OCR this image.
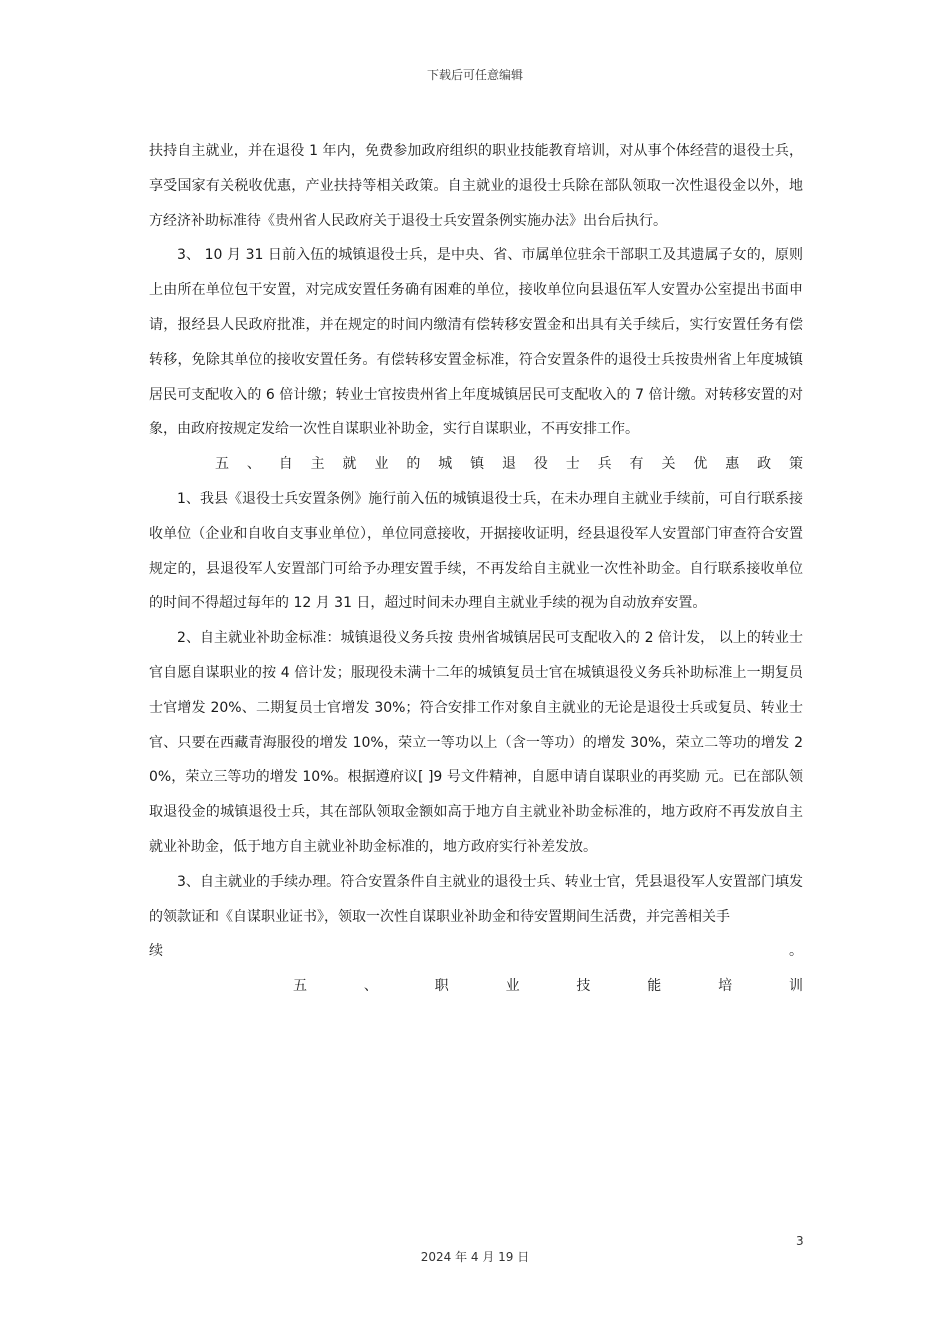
下载后可任意编辑

扶持自主就业，并在退役 1 年内，免费参加政府组织的职业技能教育培训，对从事个体经营的退役士兵，享受国家有关税收优惠，产业扶持等相关政策。自主就业的退役士兵除在部队领取一次性退役金以外，地方经济补助标准待《贵州省人民政府关于退役士兵安置条例实施办法》出台后执行。

3、 10 月 31 日前入伍的城镇退役士兵，是中央、省、市属单位驻余干部职工及其遗属子女的，原则上由所在单位包干安置，对完成安置任务确有困难的单位，接收单位向县退伍军人安置办公室提出书面申请，报经县人民政府批准，并在规定的时间内缴清有偿转移安置金和出具有关手续后，实行安置任务有偿转移，免除其单位的接收安置任务。有偿转移安置金标准，符合安置条件的退役士兵按贵州省上年度城镇居民可支配收入的 6 倍计缴；转业士官按贵州省上年度城镇居民可支配收入的 7 倍计缴。对转移安置的对象，由政府按规定发给一次性自谋职业补助金，实行自谋职业，不再安排工作。

五 、 自 主 就 业 的 城 镇 退 役 士 兵 有 关 优 惠 政 策

1、我县《退役士兵安置条例》施行前入伍的城镇退役士兵，在未办理自主就业手续前，可自行联系接收单位（企业和自收自支事业单位），单位同意接收，开据接收证明，经县退役军人安置部门审查符合安置规定的，县退役军人安置部门可给予办理安置手续，不再发给自主就业一次性补助金。自行联系接收单位的时间不得超过每年的 12 月 31 日，超过时间未办理自主就业手续的视为自动放弃安置。

2、自主就业补助金标准：城镇退役义务兵按 贵州省城镇居民可支配收入的 2 倍计发， 以上的转业士官自愿自谋职业的按 4 倍计发；服现役未满十二年的城镇复员士官在城镇退役义务兵补助标准上一期复员士官增发 20%、二期复员士官增发 30%；符合安排工作对象自主就业的无论是退役士兵或复员、转业士官、只要在西藏青海服役的增发 10%，荣立一等功以上（含一等功）的增发 30%，荣立二等功的增发 20%，荣立三等功的增发 10%。根据遵府议[ ]9 号文件精神，自愿申请自谋职业的再奖励 元。已在部队领取退役金的城镇退役士兵，其在部队领取金额如高于地方自主就业补助金标准的，地方政府不再发放自主就业补助金，低于地方自主就业补助金标准的，地方政府实行补差发放。

3、自主就业的手续办理。符合安置条件自主就业的退役士兵、转业士官，凭县退役军人安置部门填发的领款证和《自谋职业证书》，领取一次性自谋职业补助金和待安置期间生活费，并完善相关手

续 。

五 、 职 业 技 能 培 训

3
2024 年 4 月 19 日
